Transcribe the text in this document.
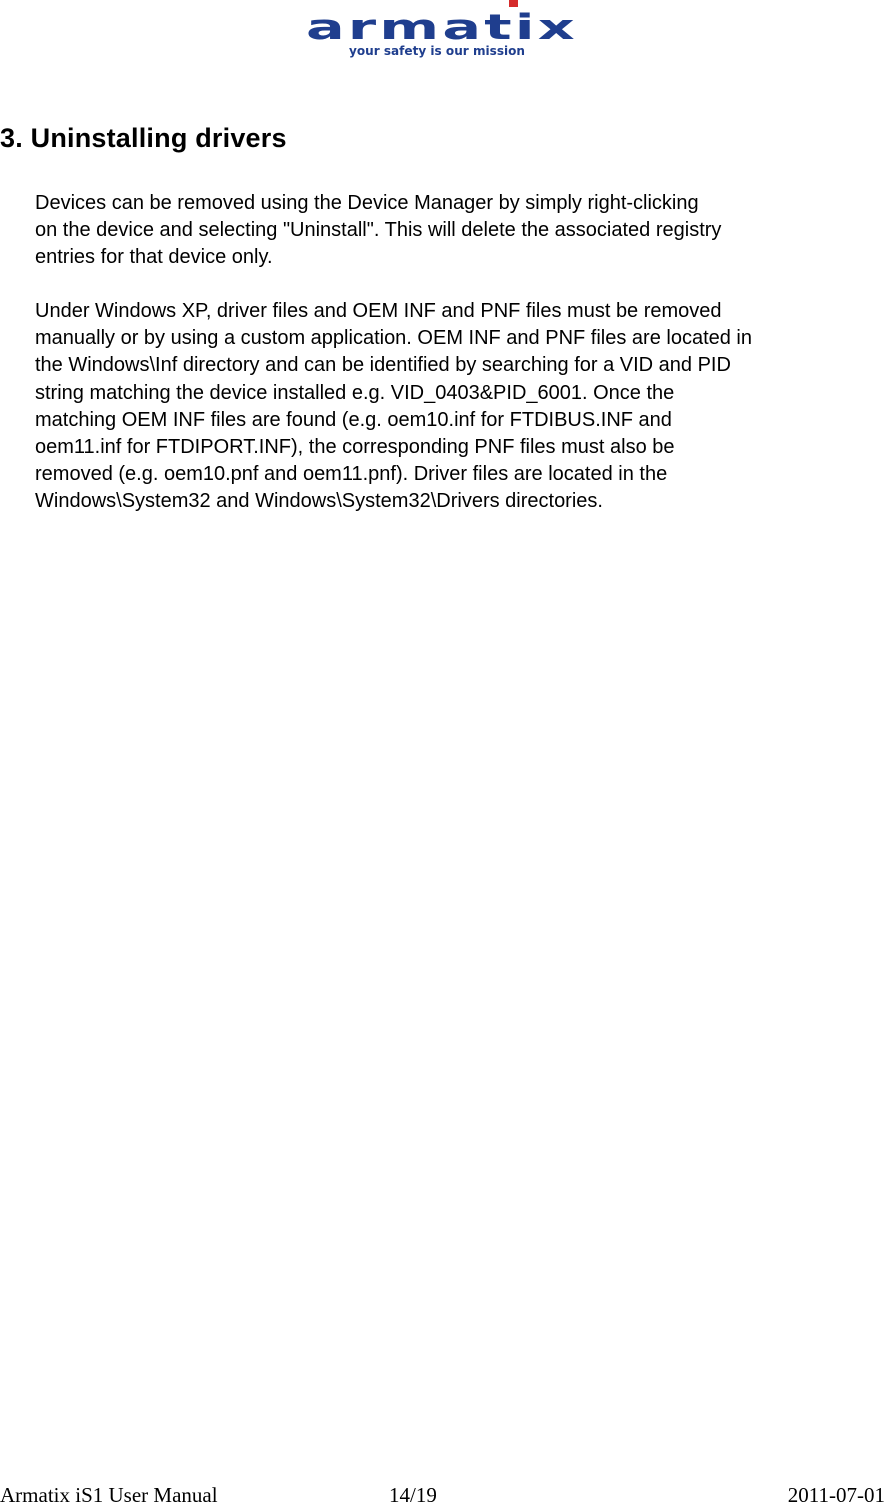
armatix
your safety is our mission
3. Uninstalling drivers
Devices can be removed using the Device Manager by simply right-clicking
on the device and selecting "Uninstall". This will delete the associated registry
entries for that device only.
Under Windows XP, driver files and OEM INF and PNF files must be removed
manually or by using a custom application. OEM INF and PNF files are located in
the Windows\Inf directory and can be identified by searching for a VID and PID
string matching the device installed e.g. VID_0403&PID_6001. Once the
matching OEM INF files are found (e.g. oem10.inf for FTDIBUS.INF and
oem11.inf for FTDIPORT.INF), the corresponding PNF files must also be
removed (e.g. oem10.pnf and oem11.pnf). Driver files are located in the
Windows\System32 and Windows\System32\Drivers directories.
Armatix iS1 User Manual	14/19	2011-07-01
